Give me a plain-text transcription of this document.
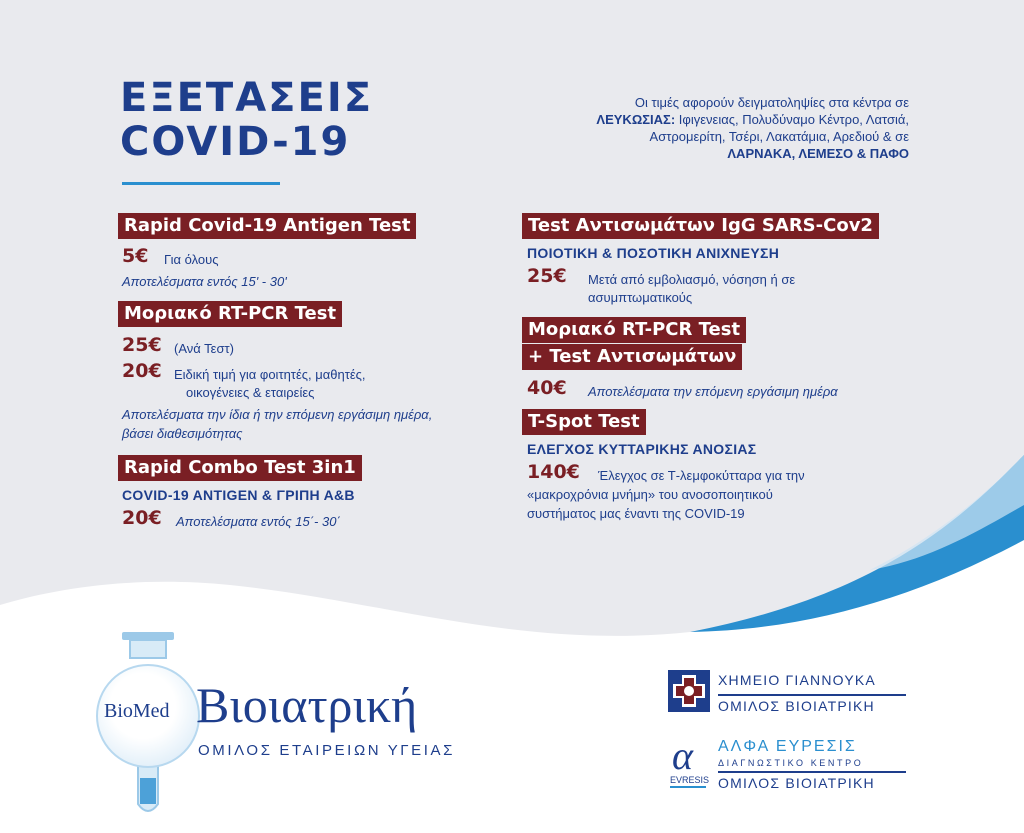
ΕΞΕΤΑΣΕΙΣ
COVID-19
Οι τιμές αφορούν δειγματοληψίες στα κέντρα σε
ΛΕΥΚΩΣΙΑΣ: Ιφιγενειας, Πολυδύναμο Κέντρο, Λατσιά,
Αστρομερίτη, Τσέρι, Λακατάμια, Αρεδιού & σε
ΛΑΡΝΑΚΑ, ΛΕΜΕΣΟ & ΠΑΦΟ
Rapid Covid-19 Antigen Test
5€ Για όλους
Αποτελέσματα εντός 15' - 30'
Μοριακό RT-PCR Test
25€ (Ανά Τεστ)
20€ Ειδική τιμή για φοιτητές, μαθητές,
οικογένειες & εταιρείες
Αποτελέσματα την ίδια ή την επόμενη εργάσιμη ημέρα,
βάσει διαθεσιμότητας
Rapid Combo Test 3in1
COVID-19 ANTIGEN & ΓΡΙΠΗ Α&Β
20€ Αποτελέσματα εντός 15΄- 30΄
Test Αντισωμάτων IgG SARS-Cov2
ΠΟΙΟΤΙΚΗ & ΠΟΣΟΤΙΚΗ ΑΝΙΧΝΕΥΣΗ
25€ Μετά από εμβολιασμό, νόσηση ή σε
ασυμπτωματικούς
Μοριακό RT-PCR Test
+ Test Αντισωμάτων
40€ Αποτελέσματα την επόμενη εργάσιμη ημέρα
T-Spot Test
ΕΛΕΓΧΟΣ ΚΥΤΤΑΡΙΚΗΣ ΑΝΟΣΙΑΣ
140€ Έλεγχος σε Τ-λεμφοκύτταρα για την
«μακροχρόνια μνήμη» του ανοσοποιητικού
συστήματος μας έναντι της COVID-19
BioMed Βιοιατρική
ΟΜΙΛΟΣ ΕΤΑΙΡΕΙΩΝ ΥΓΕΙΑΣ
ΧΗΜΕΙΟ ΓΙΑΝΝΟΥΚΑ
ΟΜΙΛΟΣ ΒΙΟΙΑΤΡΙΚΗ
α
EVRESIS
ΑΛΦΑ ΕΥΡΕΣΙΣ
ΔΙΑΓΝΩΣΤΙΚΟ ΚΕΝΤΡΟ
ΟΜΙΛΟΣ ΒΙΟΙΑΤΡΙΚΗ
